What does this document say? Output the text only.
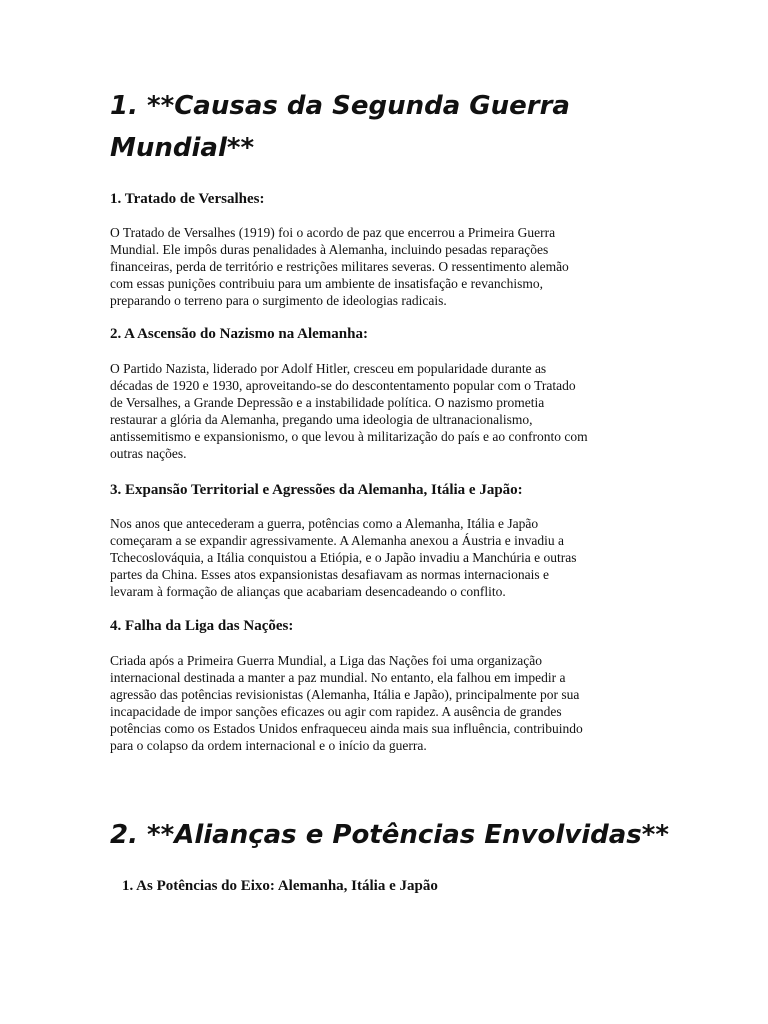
1. **Causas da Segunda Guerra
Mundial**
1. Tratado de Versalhes:

O Tratado de Versalhes (1919) foi o acordo de paz que encerrou a Primeira Guerra
Mundial. Ele impôs duras penalidades à Alemanha, incluindo pesadas reparações
financeiras, perda de território e restrições militares severas. O ressentimento alemão
com essas punições contribuiu para um ambiente de insatisfação e revanchismo,
preparando o terreno para o surgimento de ideologias radicais.

2. A Ascensão do Nazismo na Alemanha:

O Partido Nazista, liderado por Adolf Hitler, cresceu em popularidade durante as
décadas de 1920 e 1930, aproveitando-se do descontentamento popular com o Tratado
de Versalhes, a Grande Depressão e a instabilidade política. O nazismo prometia
restaurar a glória da Alemanha, pregando uma ideologia de ultranacionalismo,
antissemitismo e expansionismo, o que levou à militarização do país e ao confronto com
outras nações.

3. Expansão Territorial e Agressões da Alemanha, Itália e Japão:

Nos anos que antecederam a guerra, potências como a Alemanha, Itália e Japão
começaram a se expandir agressivamente. A Alemanha anexou a Áustria e invadiu a
Tchecoslováquia, a Itália conquistou a Etiópia, e o Japão invadiu a Manchúria e outras
partes da China. Esses atos expansionistas desafiavam as normas internacionais e
levaram à formação de alianças que acabariam desencadeando o conflito.

4. Falha da Liga das Nações:

Criada após a Primeira Guerra Mundial, a Liga das Nações foi uma organização
internacional destinada a manter a paz mundial. No entanto, ela falhou em impedir a
agressão das potências revisionistas (Alemanha, Itália e Japão), principalmente por sua
incapacidade de impor sanções eficazes ou agir com rapidez. A ausência de grandes
potências como os Estados Unidos enfraqueceu ainda mais sua influência, contribuindo
para o colapso da ordem internacional e o início da guerra.

2. **Alianças e Potências Envolvidas**
1. As Potências do Eixo: Alemanha, Itália e Japão
